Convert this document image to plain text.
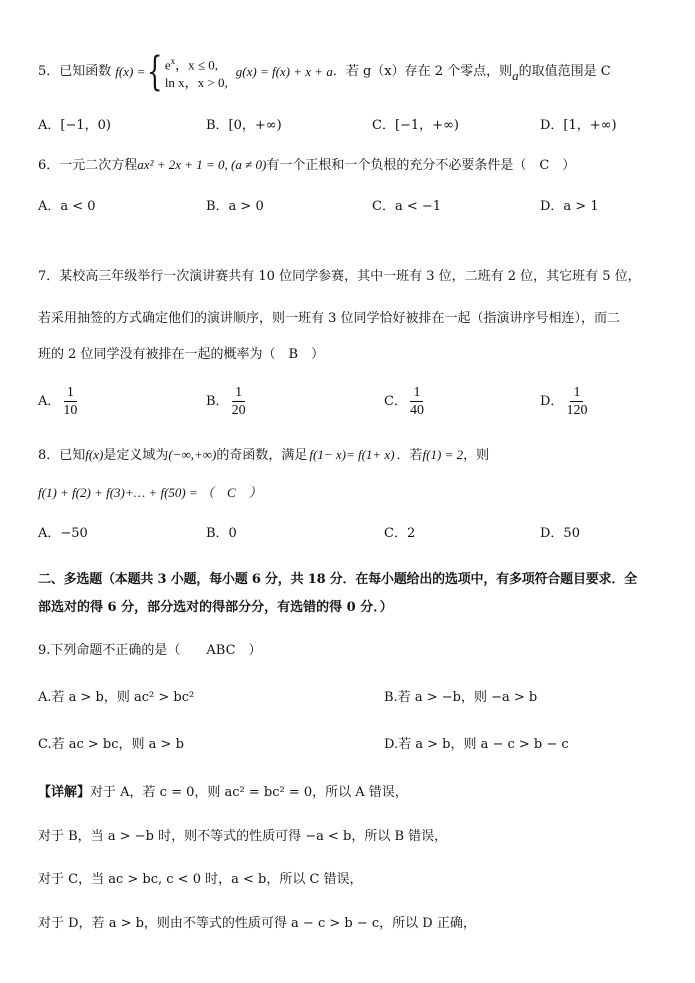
5． 已知函数 f(x) = { $e^x$，x ≤ 0,
ln x，x > 0,
g(x) = f(x) + x + a ．若 g（x）存在 2 个零点，则 a 的取值范围是 C
A．[−1，0)	B．[0，+∞)	C．[−1，+∞)	D．[1，+∞)
6．一元二次方程ax² + 2x + 1 = 0, (a ≠ 0)有一个正根和一个负根的充分不必要条件是（　C　）
A．a < 0	B．a > 0	C．a < −1	D．a > 1
7．某校高三年级举行一次演讲赛共有 10 位同学参赛，其中一班有 3 位，二班有 2 位，其它班有 5 位，
若采用抽签的方式确定他们的演讲顺序，则一班有 3 位同学恰好被排在一起（指演讲序号相连），而二
班的 2 位同学没有被排在一起的概率为（　B　）
A． $\frac{1}{10}$	B． $\frac{1}{20}$	C． $\frac{1}{40}$	D． $\frac{1}{120}$
8．已知f(x)是定义域为(−∞,+∞)的奇函数，满足 f(1− x)= f(1+ x) ．若f(1) = 2，则
f(1) + f(2) + f(3)+… + f(50) = （　C　）
A．−50	B．0	C．2	D．50
二、多选题（本题共 3 小题，每小题 6 分，共 18 分．在每小题给出的选项中，有多项符合题目要求．全
部选对的得 6 分，部分选对的得部分分，有选错的得 0 分．）
9.下列命题不正确的是（　　ABC　）
A.若 a > b，则 ac² > bc²	B.若 a > −b，则 −a > b
C.若 ac > bc，则 a > b	D.若 a > b，则 a − c > b − c
【详解】对于 A，若 c = 0，则 ac² = bc² = 0，所以 A 错误，
对于 B，当 a > −b 时，则不等式的性质可得 −a < b，所以 B 错误，
对于 C，当 ac > bc, c < 0 时，a < b，所以 C 错误，
对于 D，若 a > b，则由不等式的性质可得 a − c > b − c，所以 D 正确，
